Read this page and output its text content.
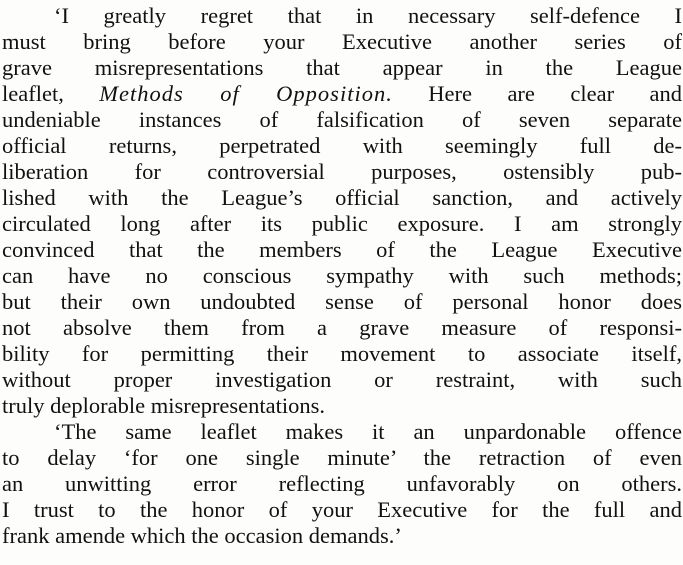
‘I greatly regret that in necessary self-defence I
must bring before your Executive another series of
grave misrepresentations that appear in the League
leaflet, Methods of Opposition. Here are clear and
undeniable instances of falsification of seven separate
official returns, perpetrated with seemingly full de-
liberation for controversial purposes, ostensibly pub-
lished with the League’s official sanction, and actively
circulated long after its public exposure. I am strongly
convinced that the members of the League Executive
can have no conscious sympathy with such methods;
but their own undoubted sense of personal honor does
not absolve them from a grave measure of responsi-
bility for permitting their movement to associate itself,
without proper investigation or restraint, with such
truly deplorable misrepresentations.
‘The same leaflet makes it an unpardonable offence
to delay ‘for one single minute’ the retraction of even
an unwitting error reflecting unfavorably on others.
I trust to the honor of your Executive for the full and
frank amende which the occasion demands.’
